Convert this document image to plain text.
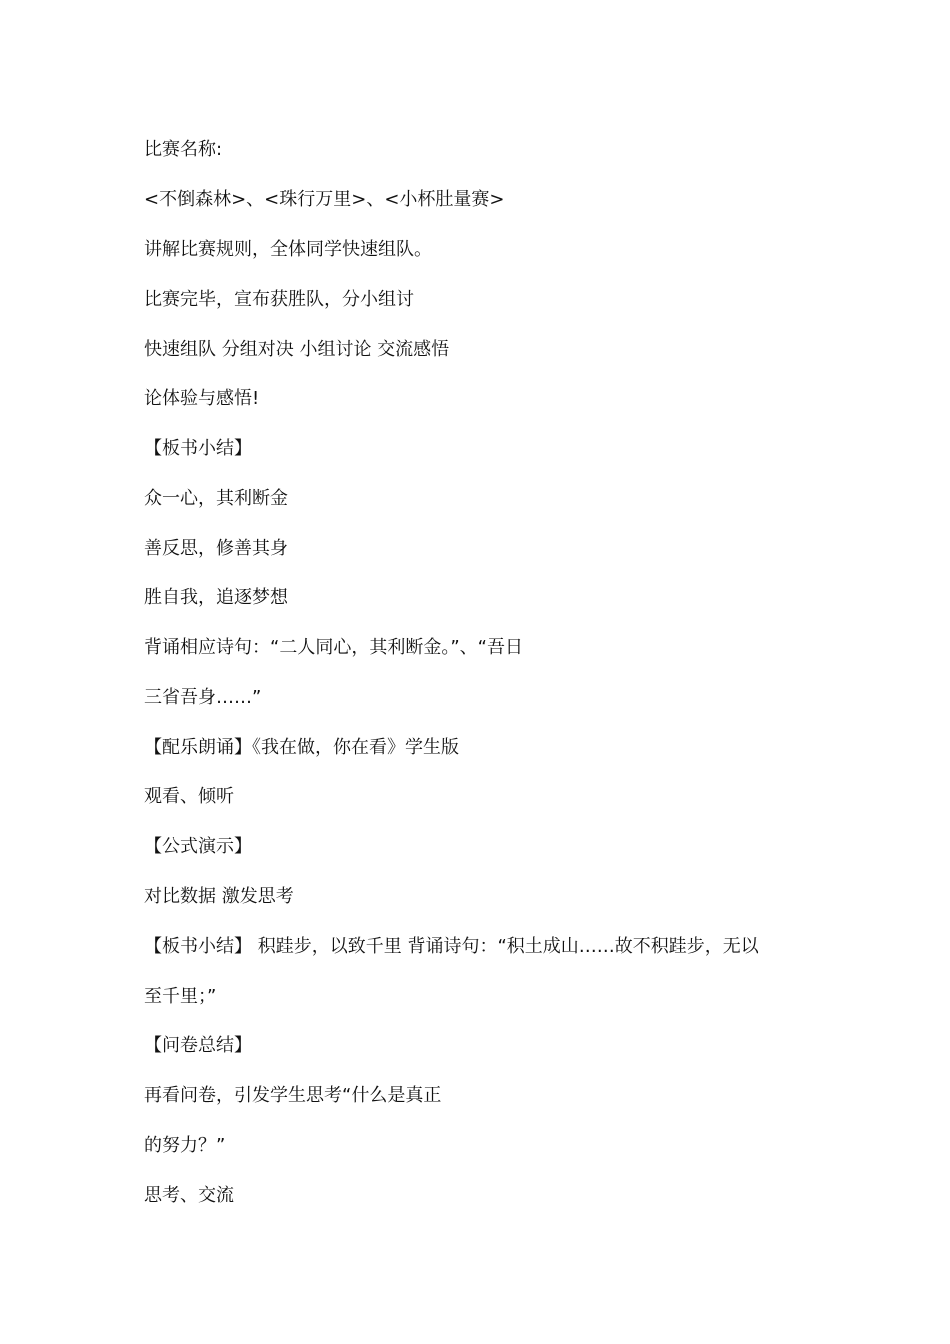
比赛名称:

<不倒森林>、<珠行万里>、<小杯肚量赛>

讲解比赛规则，全体同学快速组队。

比赛完毕，宣布获胜队，分小组讨

快速组队 分组对决 小组讨论 交流感悟

论体验与感悟!

【板书小结】

众一心，其利断金

善反思，修善其身

胜自我，追逐梦想

背诵相应诗句：“二人同心，其利断金。”、“吾日

三省吾身……”

【配乐朗诵】《我在做，你在看》学生版

观看、倾听

【公式演示】

对比数据 激发思考

【板书小结】 积跬步，以致千里 背诵诗句：“积土成山……故不积跬步，无以

至千里；”

【问卷总结】

再看问卷，引发学生思考“什么是真正

的努力？”

思考、交流
